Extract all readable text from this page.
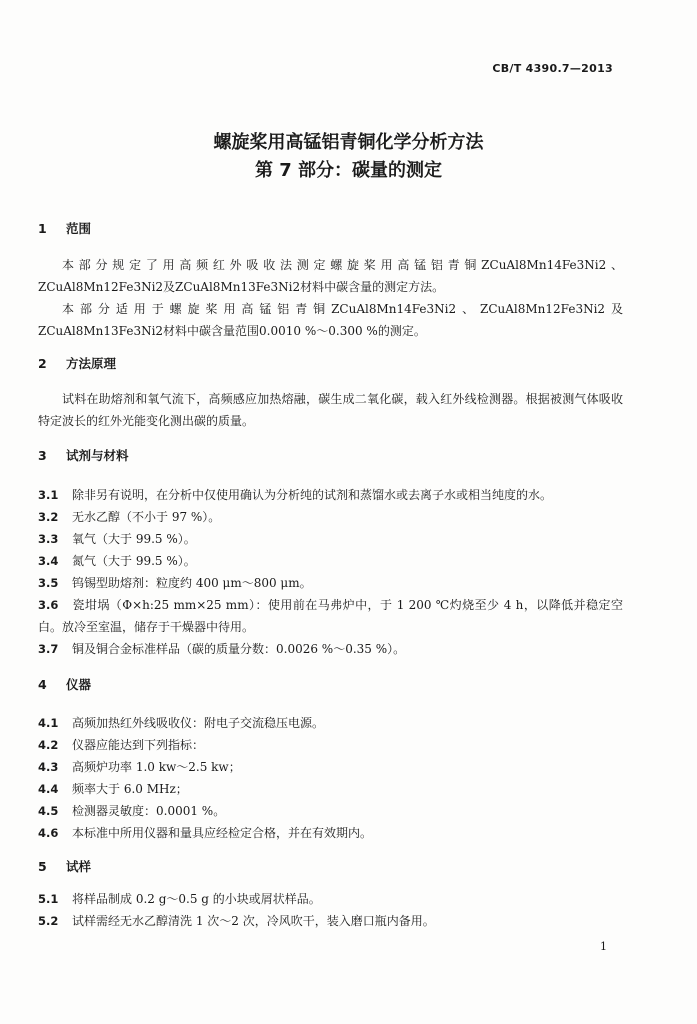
CB/T 4390.7—2013
螺旋桨用高锰铝青铜化学分析方法
第 7 部分：碳量的测定
1 范围
本部分规定了用高频红外吸收法测定螺旋桨用高锰铝青铜ZCuAl8Mn14Fe3Ni2、ZCuAl8Mn12Fe3Ni2及ZCuAl8Mn13Fe3Ni2材料中碳含量的测定方法。
本部分适用于螺旋桨用高锰铝青铜ZCuAl8Mn14Fe3Ni2、ZCuAl8Mn12Fe3Ni2及ZCuAl8Mn13Fe3Ni2材料中碳含量范围0.0010 %～0.300 %的测定。
2 方法原理
试料在助熔剂和氧气流下，高频感应加热熔融，碳生成二氧化碳，载入红外线检测器。根据被测气体吸收特定波长的红外光能变化测出碳的质量。
3 试剂与材料
3.1 除非另有说明，在分析中仅使用确认为分析纯的试剂和蒸馏水或去离子水或相当纯度的水。
3.2 无水乙醇（不小于 97 %）。
3.3 氧气（大于 99.5 %）。
3.4 氮气（大于 99.5 %）。
3.5 钨锡型助熔剂：粒度约 400 μm～800 μm。
3.6 瓷坩埚（Φ×h:25 mm×25 mm）：使用前在马弗炉中，于 1 200 ℃灼烧至少 4 h，以降低并稳定空白。放冷至室温，储存于干燥器中待用。
3.7 铜及铜合金标准样品（碳的质量分数：0.0026 %～0.35 %）。
4 仪器
4.1 高频加热红外线吸收仪：附电子交流稳压电源。
4.2 仪器应能达到下列指标：
4.3 高频炉功率 1.0 kw～2.5 kw；
4.4 频率大于 6.0 MHz；
4.5 检测器灵敏度：0.0001 %。
4.6 本标准中所用仪器和量具应经检定合格，并在有效期内。
5 试样
5.1 将样品制成 0.2 g～0.5 g 的小块或屑状样品。
5.2 试样需经无水乙醇清洗 1 次～2 次，冷风吹干，装入磨口瓶内备用。
1
